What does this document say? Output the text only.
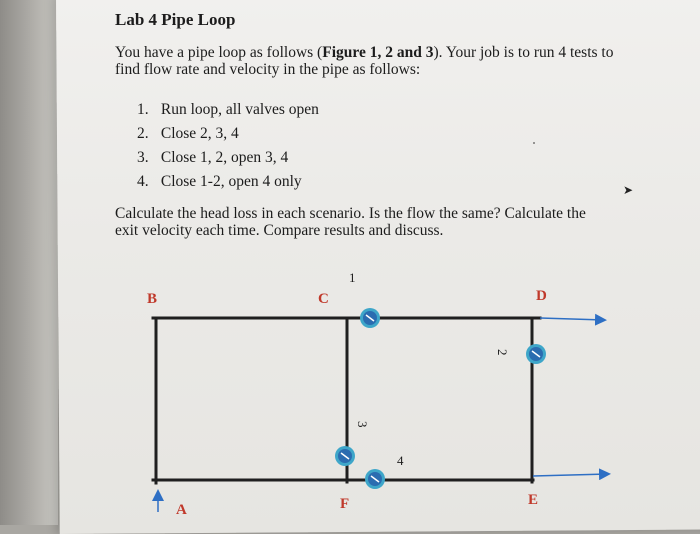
Lab 4 Pipe Loop
You have a pipe loop as follows (Figure 1, 2 and 3). Your job is to run 4 tests to find flow rate and velocity in the pipe as follows:
1. Run loop, all valves open
2. Close 2, 3, 4
3. Close 1, 2, open 3, 4
4. Close 1-2, open 4 only
Calculate the head loss in each scenario. Is the flow the same? Calculate the exit velocity each time. Compare results and discuss.
➤
B	C	D
A	F	E
1
2
3
4
